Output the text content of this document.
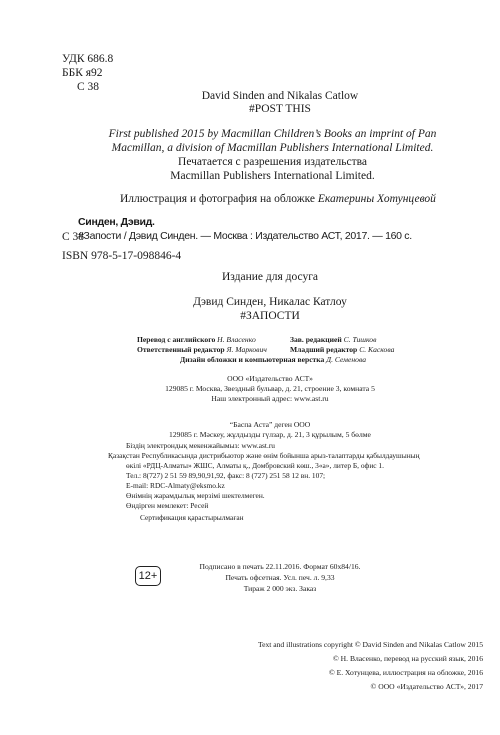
УДК 686.8
ББК я92
С 38
David Sinden and Nikalas Catlow
#POST THIS
First published 2015 by Macmillan Children’s Books an imprint of Pan
Macmillan, a division of Macmillan Publishers International Limited.
Печатается с разрешения издательства
Macmillan Publishers International Limited.
Иллюстрация и фотография на обложке Екатерины Хотунцевой
Синден, Дэвид.
С 38
#Запости / Дэвид Синден. — Москва : Издательство АСТ, 2017. — 160 с.
ISBN 978-5-17-098846-4
Издание для досуга
Дэвид Синден, Никалас Катлоу
#ЗАПОСТИ
Перевод с английского Н. Власенко	Зав. редакцией С. Тишков
Ответственный редактор Я. Маркович	Младший редактор С. Каскова
Дизайн обложки и компьютерная верстка Д. Семенова
ООО «Издательство АСТ»
129085 г. Москва, Звездный бульвар, д. 21, строение 3, комната 5
Наш электронный адрес: www.ast.ru
“Баспа Аста” деген ООО
129085 г. Мәскеу, жұлдызды гүлзар, д. 21, 3 құрылым, 5 бөлме
Біздің электрондық мекенжайымыз: www.ast.ru
Қазақстан Республикасында дистрибьютор және өнім бойынша арыз-талаптарды қабылдаушының
өкілі «РДЦ-Алматы» ЖШС, Алматы қ., Домбровский көш., 3«а», литер Б, офис 1.
Тел.: 8(727) 2 51 59 89,90,91,92, факс: 8 (727) 251 58 12 вн. 107;
E-mail: RDC-Almaty@eksmo.kz
Өнімнің жарамдылық мерзімі шектелмеген.
Өндірген мемлекет: Ресей
Сертификация қарастырылмаған
12+
Подписано в печать 22.11.2016. Формат 60х84/16.
Печать офсетная. Усл. печ. л. 9,33
Тираж 2 000 экз. Заказ
Text and illustrations copyright © David Sinden and Nikalas Catlow 2015
© Н. Власенко, перевод на русский язык, 2016
© Е. Хотунцева, иллюстрация на обложке, 2016
© ООО «Издательство АСТ», 2017
